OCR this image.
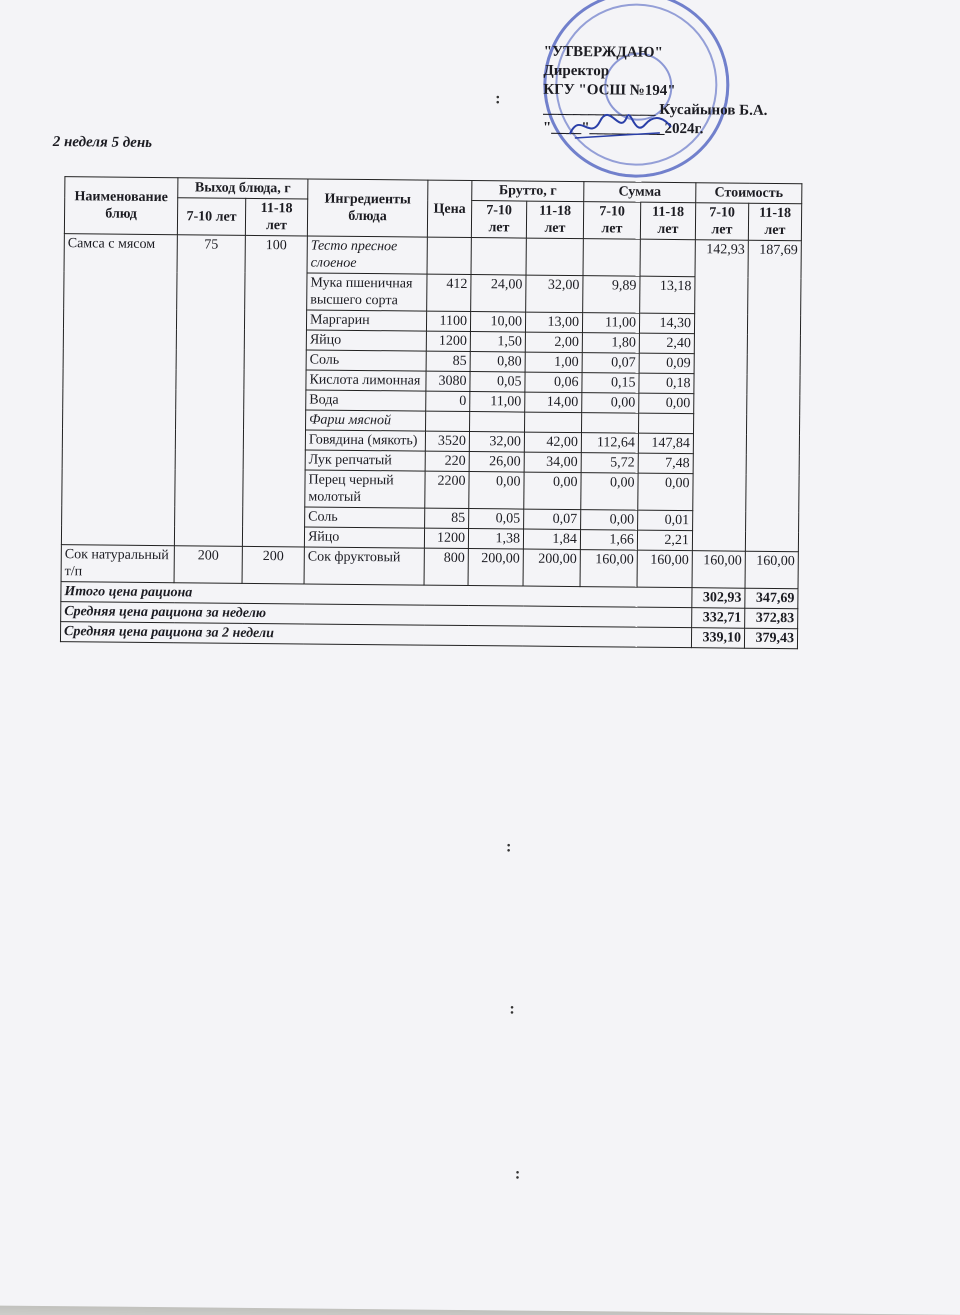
"УТВЕРЖДАЮ"
Директор
КГУ "ОСШ №194"
_______________ Кусайынов Б.А.
"____"__________2024г.
2 неделя 5 день
Наименование блюд	Выход блюда, г		Ингредиенты блюда	Цена	Брутто, г		Сумма		Стоимость	
	7-10 лет	11-18 лет			7-10 лет	11-18 лет	7-10 лет	11-18 лет	7-10 лет	11-18 лет
Самса с мясом	75	100	Тесто пресное слоеное						142,93	187,69
			Мука пшеничная высшего сорта	412	24,00	32,00	9,89	13,18		
			Маргарин	1100	10,00	13,00	11,00	14,30		
			Яйцо	1200	1,50	2,00	1,80	2,40		
			Соль	85	0,80	1,00	0,07	0,09		
			Кислота лимонная	3080	0,05	0,06	0,15	0,18		
			Вода	0	11,00	14,00	0,00	0,00		
			Фарш мясной							
			Говядина (мякоть)	3520	32,00	42,00	112,64	147,84		
			Лук репчатый	220	26,00	34,00	5,72	7,48		
			Перец черный молотый	2200	0,00	0,00	0,00	0,00		
			Соль	85	0,05	0,07	0,00	0,01		
			Яйцо	1200	1,38	1,84	1,66	2,21		
Сок натуральный т/п	200	200	Сок фруктовый	800	200,00	200,00	160,00	160,00	160,00	160,00
Итого цена рациона									302,93	347,69
Средняя цена рациона за неделю									332,71	372,83
Средняя цена рациона за 2 недели									339,10	379,43
:
:
:
:
